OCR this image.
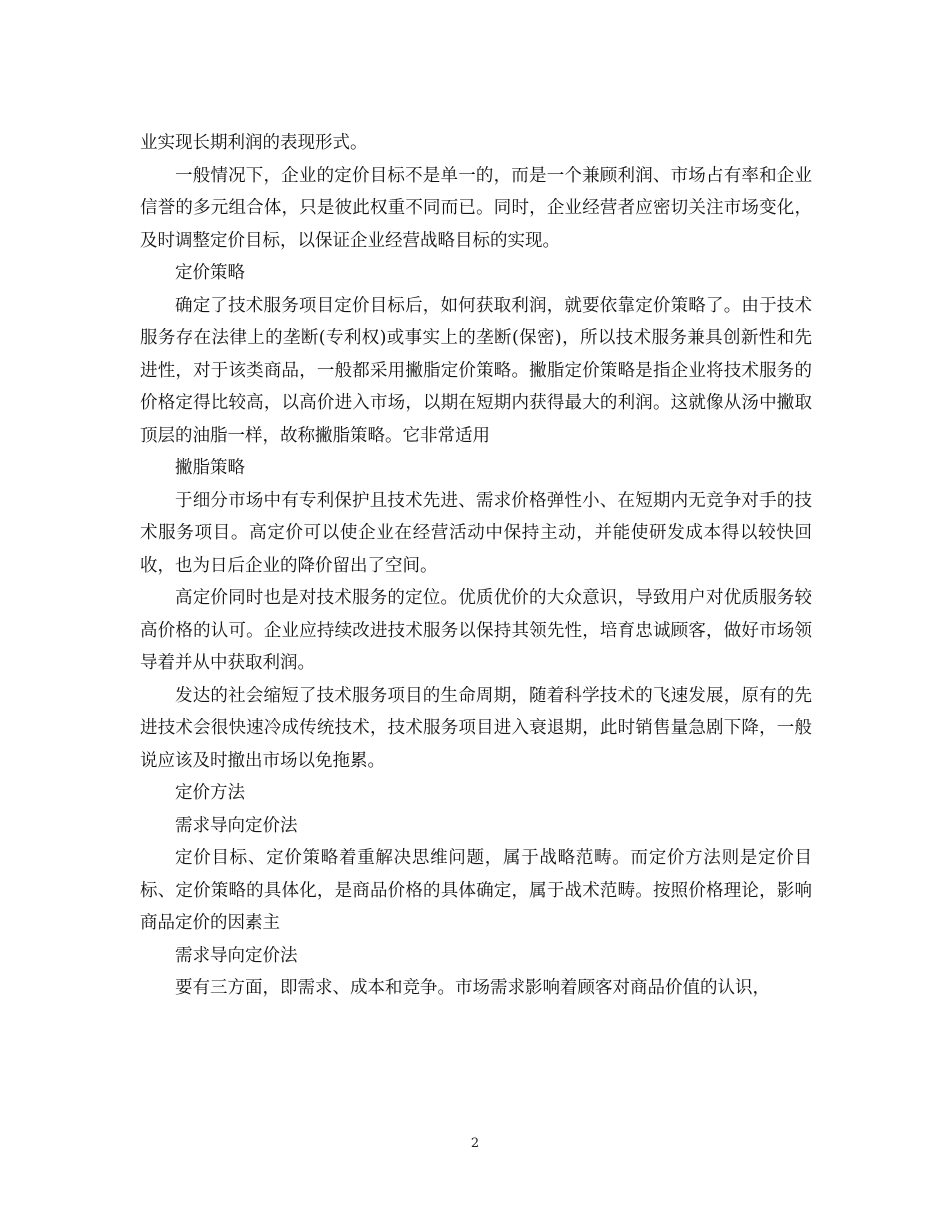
业实现长期利润的表现形式。

一般情况下，企业的定价目标不是单一的，而是一个兼顾利润、市场占有率和企业信誉的多元组合体，只是彼此权重不同而已。同时，企业经营者应密切关注市场变化，及时调整定价目标，以保证企业经营战略目标的实现。

定价策略

确定了技术服务项目定价目标后，如何获取利润，就要依靠定价策略了。由于技术服务存在法律上的垄断(专利权)或事实上的垄断(保密)，所以技术服务兼具创新性和先进性，对于该类商品，一般都采用撇脂定价策略。撇脂定价策略是指企业将技术服务的价格定得比较高，以高价进入市场，以期在短期内获得最大的利润。这就像从汤中撇取顶层的油脂一样，故称撇脂策略。它非常适用

撇脂策略

于细分市场中有专利保护且技术先进、需求价格弹性小、在短期内无竞争对手的技术服务项目。高定价可以使企业在经营活动中保持主动，并能使研发成本得以较快回收，也为日后企业的降价留出了空间。

高定价同时也是对技术服务的定位。优质优价的大众意识，导致用户对优质服务较高价格的认可。企业应持续改进技术服务以保持其领先性，培育忠诚顾客，做好市场领导着并从中获取利润。

发达的社会缩短了技术服务项目的生命周期，随着科学技术的飞速发展，原有的先进技术会很快速冷成传统技术，技术服务项目进入衰退期，此时销售量急剧下降，一般说应该及时撤出市场以免拖累。

定价方法

需求导向定价法

定价目标、定价策略着重解决思维问题，属于战略范畴。而定价方法则是定价目标、定价策略的具体化，是商品价格的具体确定，属于战术范畴。按照价格理论，影响商品定价的因素主

需求导向定价法

要有三方面，即需求、成本和竞争。市场需求影响着顾客对商品价值的认识，

2
